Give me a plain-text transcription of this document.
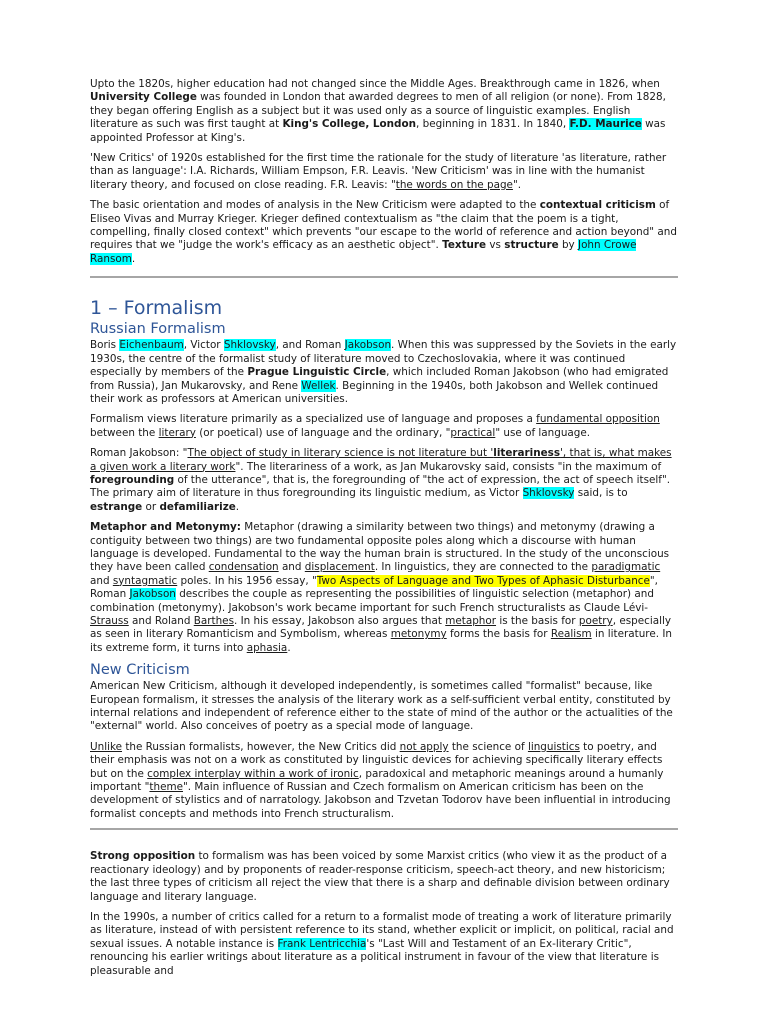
Upto the 1820s, higher education had not changed since the Middle Ages. Breakthrough came in 1826, when University College was founded in London that awarded degrees to men of all religion (or none). From 1828, they began offering English as a subject but it was used only as a source of linguistic examples. English literature as such was first taught at King's College, London, beginning in 1831. In 1840, F.D. Maurice was appointed Professor at King's.

'New Critics' of 1920s established for the first time the rationale for the study of literature 'as literature, rather than as language': I.A. Richards, William Empson, F.R. Leavis. 'New Criticism' was in line with the humanist literary theory, and focused on close reading. F.R. Leavis: "the words on the page".

The basic orientation and modes of analysis in the New Criticism were adapted to the contextual criticism of Eliseo Vivas and Murray Krieger. Krieger defined contextualism as "the claim that the poem is a tight, compelling, finally closed context" which prevents "our escape to the world of reference and action beyond" and requires that we "judge the work's efficacy as an aesthetic object". Texture vs structure by John Crowe Ransom.

1 – Formalism
Russian Formalism

Boris Eichenbaum, Victor Shklovsky, and Roman Jakobson. When this was suppressed by the Soviets in the early 1930s, the centre of the formalist study of literature moved to Czechoslovakia, where it was continued especially by members of the Prague Linguistic Circle, which included Roman Jakobson (who had emigrated from Russia), Jan Mukarovsky, and Rene Wellek. Beginning in the 1940s, both Jakobson and Wellek continued their work as professors at American universities.

Formalism views literature primarily as a specialized use of language and proposes a fundamental opposition between the literary (or poetical) use of language and the ordinary, "practical" use of language.

Roman Jakobson: "The object of study in literary science is not literature but 'literariness', that is, what makes a given work a literary work". The literariness of a work, as Jan Mukarovsky said, consists "in the maximum of foregrounding of the utterance", that is, the foregrounding of "the act of expression, the act of speech itself". The primary aim of literature in thus foregrounding its linguistic medium, as Victor Shklovsky said, is to estrange or defamiliarize.

Metaphor and Metonymy: Metaphor (drawing a similarity between two things) and metonymy (drawing a contiguity between two things) are two fundamental opposite poles along which a discourse with human language is developed. Fundamental to the way the human brain is structured. In the study of the unconscious they have been called condensation and displacement. In linguistics, they are connected to the paradigmatic and syntagmatic poles. In his 1956 essay, "Two Aspects of Language and Two Types of Aphasic Disturbance", Roman Jakobson describes the couple as representing the possibilities of linguistic selection (metaphor) and combination (metonymy). Jakobson's work became important for such French structuralists as Claude Lévi-Strauss and Roland Barthes. In his essay, Jakobson also argues that metaphor is the basis for poetry, especially as seen in literary Romanticism and Symbolism, whereas metonymy forms the basis for Realism in literature. In its extreme form, it turns into aphasia.

New Criticism

American New Criticism, although it developed independently, is sometimes called "formalist" because, like European formalism, it stresses the analysis of the literary work as a self-sufficient verbal entity, constituted by internal relations and independent of reference either to the state of mind of the author or the actualities of the "external" world. Also conceives of poetry as a special mode of language.

Unlike the Russian formalists, however, the New Critics did not apply the science of linguistics to poetry, and their emphasis was not on a work as constituted by linguistic devices for achieving specifically literary effects but on the complex interplay within a work of ironic, paradoxical and metaphoric meanings around a humanly important "theme". Main influence of Russian and Czech formalism on American criticism has been on the development of stylistics and of narratology. Jakobson and Tzvetan Todorov have been influential in introducing formalist concepts and methods into French structuralism.

Strong opposition to formalism was has been voiced by some Marxist critics (who view it as the product of a reactionary ideology) and by proponents of reader-response criticism, speech-act theory, and new historicism; the last three types of criticism all reject the view that there is a sharp and definable division between ordinary language and literary language.

In the 1990s, a number of critics called for a return to a formalist mode of treating a work of literature primarily as literature, instead of with persistent reference to its stand, whether explicit or implicit, on political, racial and sexual issues. A notable instance is Frank Lentricchia's "Last Will and Testament of an Ex-literary Critic", renouncing his earlier writings about literature as a political instrument in favour of the view that literature is pleasurable and
